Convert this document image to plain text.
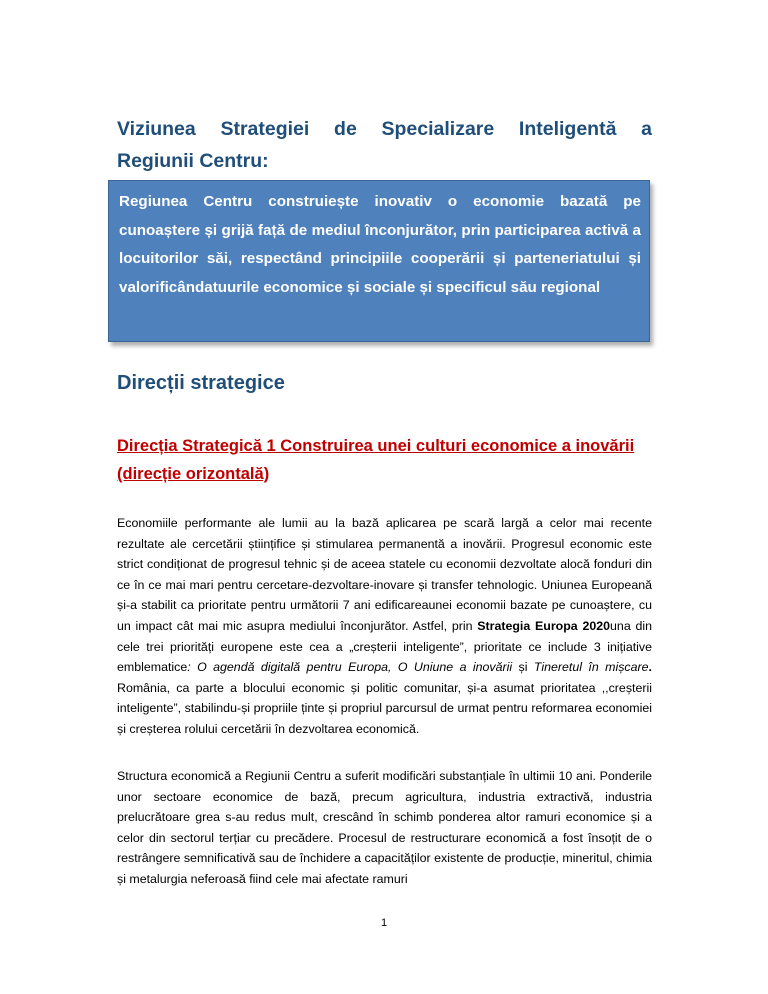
Viziunea Strategiei de Specializare Inteligentă a
Regiunii Centru:
Regiunea Centru construiește inovativ o economie bazată pe cunoaștere și grijă față de mediul înconjurător, prin participarea activă a locuitorilor săi, respectând principiile cooperării și parteneriatului și valorificândatuurile economice și sociale și specificul său regional
Direcții strategice
Direcția Strategică 1 Construirea unei culturi economice a inovării (direcție orizontală)
Economiile performante ale lumii au la bază aplicarea pe scară largă a celor mai recente rezultate ale cercetării științifice și stimularea permanentă a inovării. Progresul economic este strict condiționat de progresul tehnic și de aceea statele cu economii dezvoltate alocă fonduri din ce în ce mai mari pentru cercetare-dezvoltare-inovare și transfer tehnologic. Uniunea Europeană și-a stabilit ca prioritate pentru următorii 7 ani edificareaunei economii bazate pe cunoaștere, cu un impact cât mai mic asupra mediului înconjurător. Astfel, prin Strategia Europa 2020una din cele trei priorități europene este cea a „creșterii inteligente”, prioritate ce include 3 inițiative emblematice: O agendă digitală pentru Europa, O Uniune a inovării și Tineretul în mișcare. România, ca parte a blocului economic și politic comunitar, și-a asumat prioritatea ,,creșterii inteligente”, stabilindu-și propriile ținte și propriul parcursul de urmat pentru reformarea economiei și creșterea rolului cercetării în dezvoltarea economică.
Structura economică a Regiunii Centru a suferit modificări substanțiale în ultimii 10 ani. Ponderile unor sectoare economice de bază, precum agricultura, industria extractivă, industria prelucrătoare grea s-au redus mult, crescând în schimb ponderea altor ramuri economice și a celor din sectorul terțiar cu precădere. Procesul de restructurare economică a fost însoțit de o restrângere semnificativă sau de închidere a capacităților existente de producție, mineritul, chimia și metalurgia neferoasă fiind cele mai afectate ramuri
1
